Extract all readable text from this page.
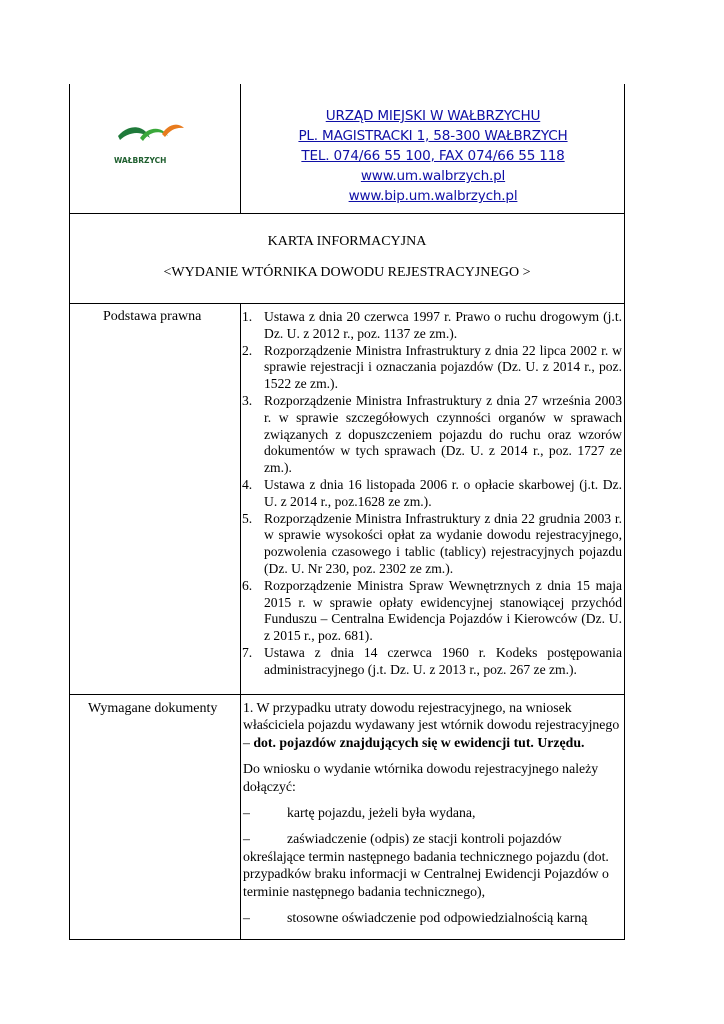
WAŁBRZYCH
URZĄD MIEJSKI W WAŁBRZYCHU
PL. MAGISTRACKI 1, 58-300 WAŁBRZYCH
TEL. 074/66 55 100, FAX 074/66 55 118
www.um.walbrzych.pl
www.bip.um.walbrzych.pl
KARTA INFORMACYJNA
<WYDANIE WTÓRNIKA DOWODU REJESTRACYJNEGO >
Podstawa prawna	1. Ustawa z dnia 20 czerwca 1997 r. Prawo o ruchu drogowym (j.t. Dz. U. z 2012 r., poz. 1137 ze zm.).
2. Rozporządzenie Ministra Infrastruktury z dnia 22 lipca 2002 r. w sprawie rejestracji i oznaczania pojazdów (Dz. U. z 2014 r., poz. 1522 ze zm.).
3. Rozporządzenie Ministra Infrastruktury z dnia 27 września 2003 r. w sprawie szczegółowych czynności organów w sprawach związanych z dopuszczeniem pojazdu do ruchu oraz wzorów dokumentów w tych sprawach (Dz. U. z 2014 r., poz. 1727 ze zm.).
4. Ustawa z dnia 16 listopada 2006 r. o opłacie skarbowej (j.t. Dz. U. z 2014 r., poz.1628 ze zm.).
5. Rozporządzenie Ministra Infrastruktury z dnia 22 grudnia 2003 r. w sprawie wysokości opłat za wydanie dowodu rejestracyjnego, pozwolenia czasowego i tablic (tablicy) rejestracyjnych pojazdu (Dz. U. Nr 230, poz. 2302 ze zm.).
6. Rozporządzenie Ministra Spraw Wewnętrznych z dnia 15 maja 2015 r. w sprawie opłaty ewidencyjnej stanowiącej przychód Funduszu – Centralna Ewidencja Pojazdów i Kierowców (Dz. U. z 2015 r., poz. 681).
7. Ustawa z dnia 14 czerwca 1960 r. Kodeks postępowania administracyjnego (j.t. Dz. U. z 2013 r., poz. 267 ze zm.).
Wymagane dokumenty 1. W przypadku utraty dowodu rejestracyjnego, na wniosek właściciela pojazdu wydawany jest wtórnik dowodu rejestracyjnego – dot. pojazdów znajdujących się w ewidencji tut. Urzędu.

Do wniosku o wydanie wtórnika dowodu rejestracyjnego należy dołączyć:

–	kartę pojazdu, jeżeli była wydana,

–	zaświadczenie (odpis) ze stacji kontroli pojazdów określające termin następnego badania technicznego pojazdu (dot. przypadków braku informacji w Centralnej Ewidencji Pojazdów o terminie następnego badania technicznego),

–	stosowne oświadczenie pod odpowiedzialnością karną
